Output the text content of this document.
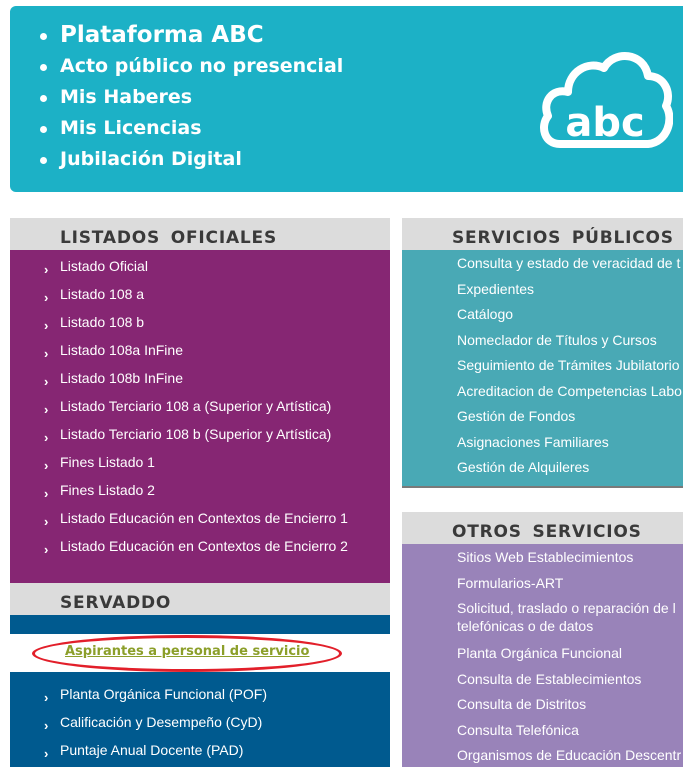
Plataforma ABC
Acto público no presencial
Mis Haberes
Mis Licencias
Jubilación Digital
abc
LISTADOS OFICIALES
› Listado Oficial
› Listado 108 a
› Listado 108 b
› Listado 108a InFine
› Listado 108b InFine
› Listado Terciario 108 a (Superior y Artística)
› Listado Terciario 108 b (Superior y Artística)
› Fines Listado 1
› Fines Listado 2
› Listado Educación en Contextos de Encierro 1
› Listado Educación en Contextos de Encierro 2
SERVADDO
Aspirantes a personal de servicio
› Planta Orgánica Funcional (POF)
› Calificación y Desempeño (CyD)
› Puntaje Anual Docente (PAD)
SERVICIOS PÚBLICOS
Consulta y estado de veracidad de t
Expedientes
Catálogo
Nomeclador de Títulos y Cursos
Seguimiento de Trámites Jubilatorio
Acreditacion de Competencias Labo
Gestión de Fondos
Asignaciones Familiares
Gestión de Alquileres
OTROS SERVICIOS
Sitios Web Establecimientos
Formularios-ART
Solicitud, traslado o reparación de l
telefónicas o de datos
Planta Orgánica Funcional
Consulta de Establecimientos
Consulta de Distritos
Consulta Telefónica
Organismos de Educación Descentr
